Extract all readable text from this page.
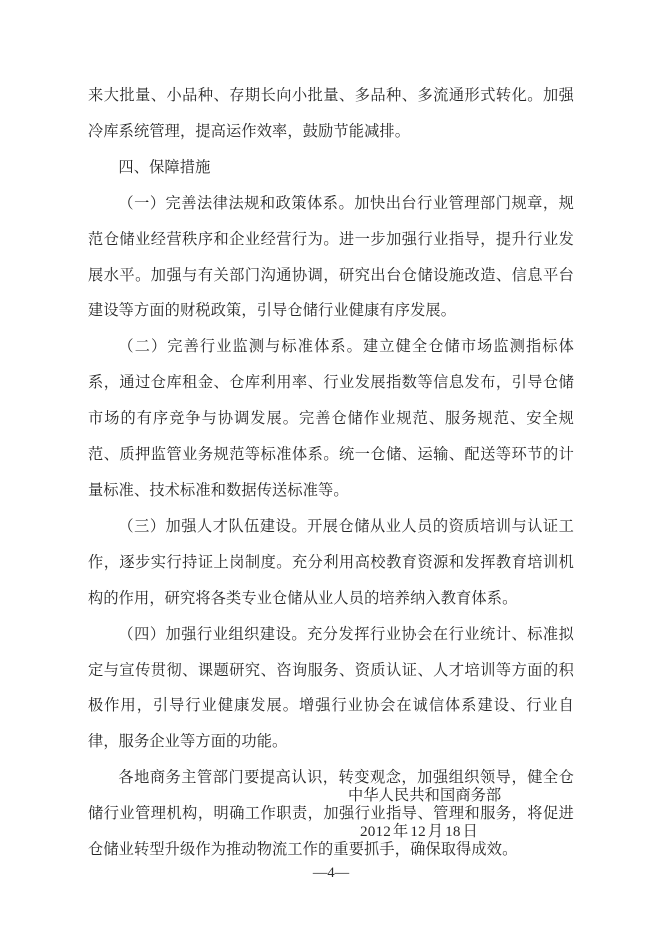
来大批量、小品种、存期长向小批量、多品种、多流通形式转化。加强冷库系统管理，提高运作效率，鼓励节能减排。

四、保障措施

（一）完善法律法规和政策体系。加快出台行业管理部门规章，规范仓储业经营秩序和企业经营行为。进一步加强行业指导，提升行业发展水平。加强与有关部门沟通协调，研究出台仓储设施改造、信息平台建设等方面的财税政策，引导仓储行业健康有序发展。

（二）完善行业监测与标准体系。建立健全仓储市场监测指标体系，通过仓库租金、仓库利用率、行业发展指数等信息发布，引导仓储市场的有序竞争与协调发展。完善仓储作业规范、服务规范、安全规范、质押监管业务规范等标准体系。统一仓储、运输、配送等环节的计量标准、技术标准和数据传送标准等。

（三）加强人才队伍建设。开展仓储从业人员的资质培训与认证工作，逐步实行持证上岗制度。充分利用高校教育资源和发挥教育培训机构的作用，研究将各类专业仓储从业人员的培养纳入教育体系。

（四）加强行业组织建设。充分发挥行业协会在行业统计、标准拟定与宣传贯彻、课题研究、咨询服务、资质认证、人才培训等方面的积极作用，引导行业健康发展。增强行业协会在诚信体系建设、行业自律，服务企业等方面的功能。

各地商务主管部门要提高认识，转变观念，加强组织领导，健全仓储行业管理机构，明确工作职责，加强行业指导、管理和服务，将促进仓储业转型升级作为推动物流工作的重要抓手，确保取得成效。

中华人民共和国商务部

2012 年 12 月 18 日

—4—
